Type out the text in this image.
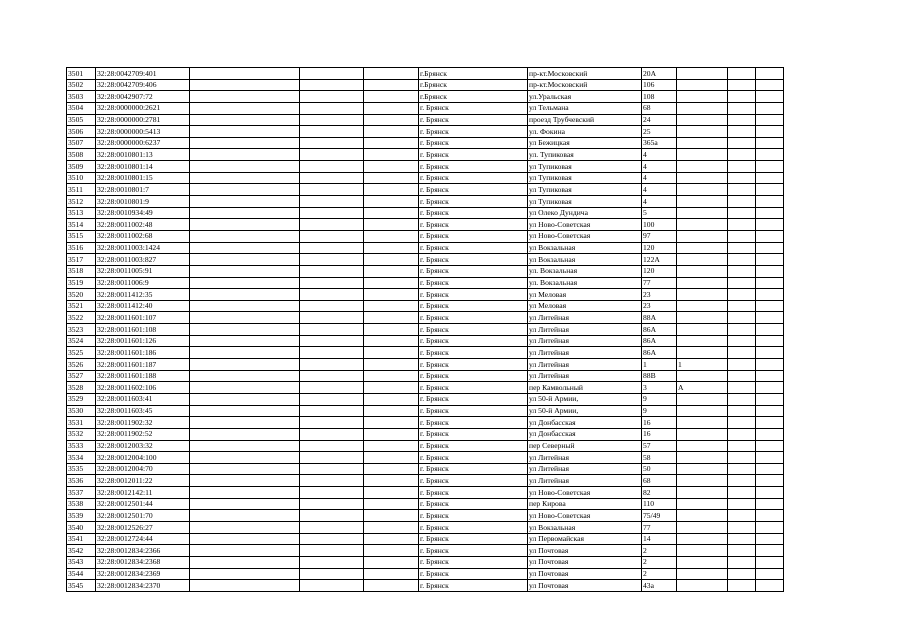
3501	32:28:0042709:401				г.Брянск	пр-кт.Московский	20А			
3502	32:28:0042709:406				г.Брянск	пр-кт.Московский	106			
3503	32:28:0042907:72				г.Брянск	ул.Уральская	108			
3504	32:28:0000000:2621				г. Брянск	ул Тельмана	68			
3505	32:28:0000000:2781				г. Брянск	проезд Трубчевский	24			
3506	32:28:0000000:5413				г. Брянск	ул. Фокина	25			
3507	32:28:0000000:6237				г. Брянск	ул Бежицкая	365а			
3508	32:28:0010801:13				г. Брянск	ул. Тупиковая	4			
3509	32:28:0010801:14				г. Брянск	ул Тупиковая	4			
3510	32:28:0010801:15				г. Брянск	ул Тупиковая	4			
3511	32:28:0010801:7				г. Брянск	ул Тупиковая	4			
3512	32:28:0010801:9				г. Брянск	ул Тупиковая	4			
3513	32:28:0010934:49				г. Брянск	ул Олеко Дундича	5			
3514	32:28:0011002:48				г. Брянск	ул Ново-Советская	100			
3515	32:28:0011002:68				г. Брянск	ул Ново-Советская	97			
3516	32:28:0011003:1424				г. Брянск	ул Вокзальная	120			
3517	32:28:0011003:827				г. Брянск	ул Вокзальная	122А			
3518	32:28:0011005:91				г. Брянск	ул. Вокзальная	120			
3519	32:28:0011006:9				г. Брянск	ул. Вокзальная	77			
3520	32:28:0011412:35				г. Брянск	ул Меловая	23			
3521	32:28:0011412:40				г. Брянск	ул Меловая	23			
3522	32:28:0011601:107				г. Брянск	ул Литейная	88А			
3523	32:28:0011601:108				г. Брянск	ул Литейная	86А			
3524	32:28:0011601:126				г. Брянск	ул Литейная	86А			
3525	32:28:0011601:186				г. Брянск	ул Литейная	86А			
3526	32:28:0011601:187				г. Брянск	ул Литейная	1	1		
3527	32:28:0011601:188				г. Брянск	ул Литейная	88В			
3528	32:28:0011602:106				г. Брянск	пер Камвольный	3	А		
3529	32:28:0011603:41				г. Брянск	ул 50-й Армии,	9			
3530	32:28:0011603:45				г. Брянск	ул 50-й Армии,	9			
3531	32:28:0011902:32				г. Брянск	ул Донбасская	16			
3532	32:28:0011902:52				г. Брянск	ул Донбасская	16			
3533	32:28:0012003:32				г. Брянск	пер Северный	57			
3534	32:28:0012004:100				г. Брянск	ул Литейная	58			
3535	32:28:0012004:70				г. Брянск	ул Литейная	50			
3536	32:28:0012011:22				г. Брянск	ул Литейная	68			
3537	32:28:0012142:11				г. Брянск	ул Ново-Советская	82			
3538	32:28:0012501:44				г. Брянск	пер Кирова	110			
3539	32:28:0012501:70				г. Брянск	ул Ново-Советская	75/49			
3540	32:28:0012526:27				г. Брянск	ул Вокзальная	77			
3541	32:28:0012724:44				г. Брянск	ул Первомайская	14			
3542	32:28:0012834:2366				г. Брянск	ул Почтовая	2			
3543	32:28:0012834:2368				г. Брянск	ул Почтовая	2			
3544	32:28:0012834:2369				г. Брянск	ул Почтовая	2			
3545	32:28:0012834:2370				г. Брянск	ул Почтовая	43а			
